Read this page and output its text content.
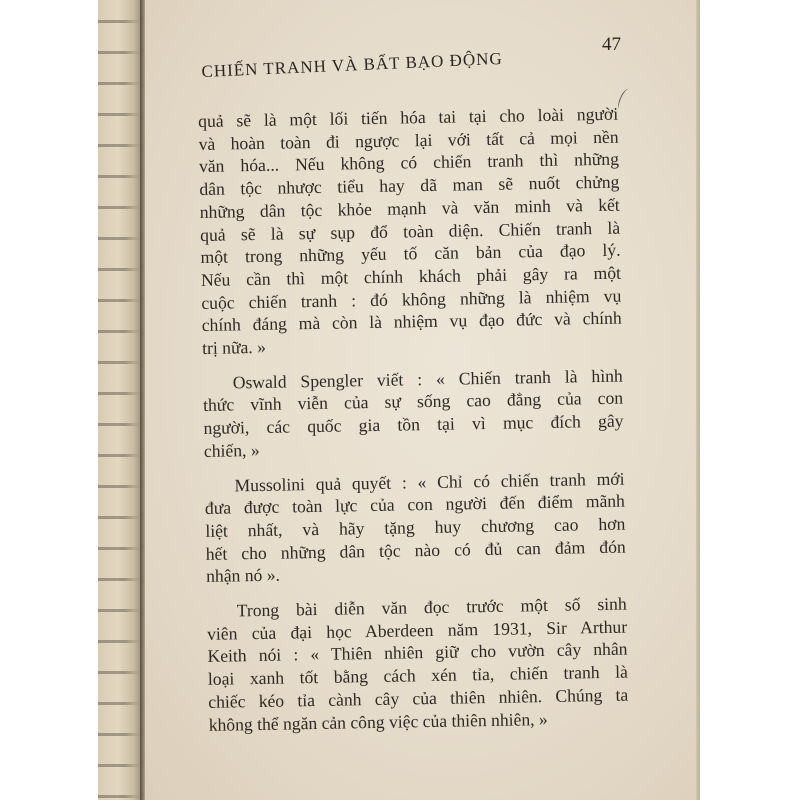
CHIẾN TRANH VÀ BẤT BẠO ĐỘNG
47
quả sẽ là một lối tiến hóa tai tại cho loài người
và hoàn toàn đi ngược lại với tất cả mọi nền
văn hóa... Nếu không có chiến tranh thì những
dân tộc nhược tiểu hay dã man sẽ nuốt chửng
những dân tộc khỏe mạnh và văn minh và kết
quả sẽ là sự sụp đổ toàn diện. Chiến tranh là
một trong những yếu tố căn bản của đạo lý.
Nếu cần thì một chính khách phải gây ra một
cuộc chiến tranh : đó không những là nhiệm vụ
chính đáng mà còn là nhiệm vụ đạo đức và chính
trị nữa. »
Oswald Spengler viết : « Chiến tranh là hình
thức vĩnh viễn của sự sống cao đẳng của con
người, các quốc gia tồn tại vì mục đích gây
chiến, »
Mussolini quả quyết : « Chỉ có chiến tranh mới
đưa được toàn lực của con người đến điểm mãnh
liệt nhất, và hãy tặng huy chương cao hơn
hết cho những dân tộc nào có đủ can đảm đón
nhận nó ».
Trong bài diễn văn đọc trước một số sinh
viên của đại học Aberdeen năm 1931, Sir Arthur
Keith nói : « Thiên nhiên giữ cho vườn cây nhân
loại xanh tốt bằng cách xén tỉa, chiến tranh là
chiếc kéo tỉa cành cây của thiên nhiên. Chúng ta
không thể ngăn cản công việc của thiên nhiên, »
